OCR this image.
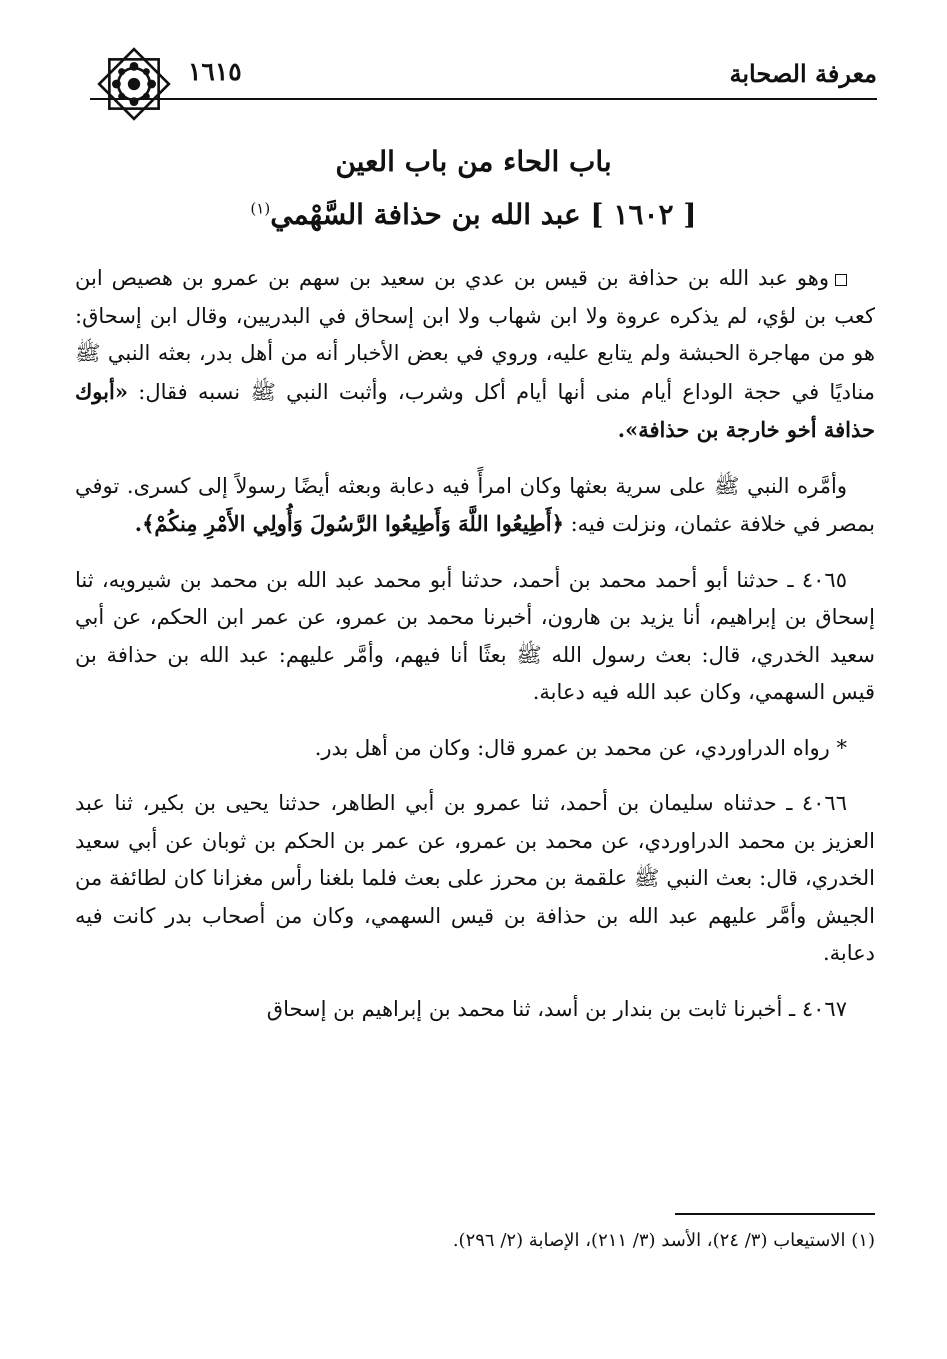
معرفة الصحابة
١٦١٥
باب الحاء من باب العين
[ ١٦٠٢ ] عبد الله بن حذافة السَّهْمي$^{(١)}$

وهو عبد الله بن حذافة بن قيس بن عدي بن سعيد بن سهم بن عمرو بن هصيص ابن كعب بن لؤي، لم يذكره عروة ولا ابن شهاب ولا ابن إسحاق في البدريين، وقال ابن إسحاق: هو من مهاجرة الحبشة ولم يتابع عليه، وروي في بعض الأخبار أنه من أهل بدر، بعثه النبي ﷺ مناديًا في حجة الوداع أيام منى أنها أيام أكل وشرب، وأثبت النبي ﷺ نسبه فقال: «أبوك حذافة أخو خارجة بن حذافة».

وأمَّره النبي ﷺ على سرية بعثها وكان امرأً فيه دعابة وبعثه أيضًا رسولاً إلى كسرى. توفي بمصر في خلافة عثمان، ونزلت فيه: ﴿أَطِيعُوا اللَّهَ وَأَطِيعُوا الرَّسُولَ وَأُولِي الأَمْرِ مِنكُمْ﴾.

٤٠٦٥ ـ حدثنا أبو أحمد محمد بن أحمد، حدثنا أبو محمد عبد الله بن محمد بن شيرويه، ثنا إسحاق بن إبراهيم، أنا يزيد بن هارون، أخبرنا محمد بن عمرو، عن عمر ابن الحكم، عن أبي سعيد الخدري، قال: بعث رسول الله ﷺ بعثًا أنا فيهم، وأمَّر عليهم: عبد الله بن حذافة بن قيس السهمي، وكان عبد الله فيه دعابة.

* رواه الدراوردي، عن محمد بن عمرو قال: وكان من أهل بدر.

٤٠٦٦ ـ حدثناه سليمان بن أحمد، ثنا عمرو بن أبي الطاهر، حدثنا يحيى بن بكير، ثنا عبد العزيز بن محمد الدراوردي، عن محمد بن عمرو، عن عمر بن الحكم بن ثوبان عن أبي سعيد الخدري، قال: بعث النبي ﷺ علقمة بن محرز على بعث فلما بلغنا رأس مغزانا كان لطائفة من الجيش وأمَّر عليهم عبد الله بن حذافة بن قيس السهمي، وكان من أصحاب بدر كانت فيه دعابة.

٤٠٦٧ ـ أخبرنا ثابت بن بندار بن أسد، ثنا محمد بن إبراهيم بن إسحاق

(١) الاستيعاب (٣/ ٢٤)، الأسد (٣/ ٢١١)، الإصابة (٢/ ٢٩٦).
